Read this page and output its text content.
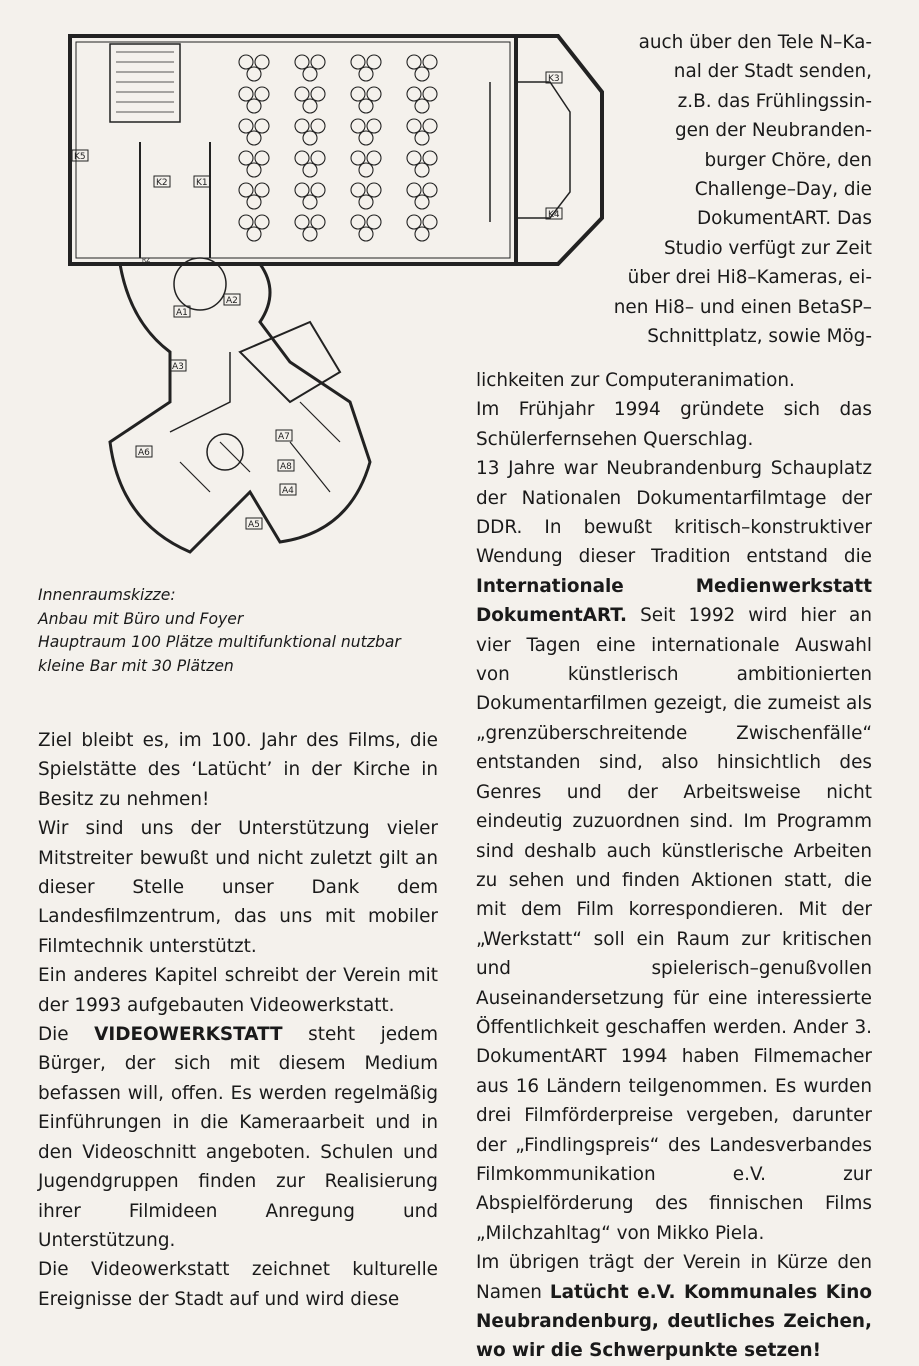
K3
K2	K1
K5
K4
A1
A2
A3
A4
A5
A6
A7
A8
RZ
auch über den Tele N–Ka-
nal der Stadt senden,
z.B. das Frühlingssin-
gen der Neubranden-
burger Chöre, den
Challenge–Day, die
DokumentART. Das
Studio verfügt zur Zeit
über drei Hi8–Kameras, ei-
nen Hi8– und einen BetaSP–
Schnittplatz, sowie Mög-
Innenraumskizze:
Anbau mit Büro und Foyer
Hauptraum 100 Plätze multifunktional nutzbar
kleine Bar mit 30 Plätzen

Ziel bleibt es, im 100. Jahr des Films, die Spielstätte des ‘Latücht’ in der Kirche in Besitz zu nehmen!

Wir sind uns der Unterstützung vieler Mitstreiter bewußt und nicht zuletzt gilt an dieser Stelle unser Dank dem Landesfilmzentrum, das uns mit mobiler Filmtechnik unterstützt.

Ein anderes Kapitel schreibt der Verein mit der 1993 aufgebauten Videowerkstatt.

Die VIDEOWERKSTATT steht jedem Bürger, der sich mit diesem Medium befassen will, offen. Es werden regelmäßig Einführungen in die Kameraarbeit und in den Videoschnitt angeboten. Schulen und Jugendgruppen finden zur Realisierung ihrer Filmideen Anregung und Unterstützung.

Die Videowerkstatt zeichnet kulturelle Ereignisse der Stadt auf und wird diese

lichkeiten zur Computeranimation.

Im Frühjahr 1994 gründete sich das Schülerfernsehen Querschlag.

13 Jahre war Neubrandenburg Schauplatz der Nationalen Dokumentarfilmtage der DDR. In bewußt kritisch–konstruktiver Wendung dieser Tradition entstand die Internationale Medienwerkstatt DokumentART. Seit 1992 wird hier an vier Tagen eine internationale Auswahl von künstlerisch ambitionierten Dokumentarfilmen gezeigt, die zumeist als „grenzüberschreitende Zwischenfälle“ entstanden sind, also hinsichtlich des Genres und der Arbeitsweise nicht eindeutig zuzuordnen sind. Im Programm sind deshalb auch künstlerische Arbeiten zu sehen und finden Aktionen statt, die mit dem Film korrespondieren. Mit der „Werkstatt“ soll ein Raum zur kritischen und spielerisch–genußvollen Auseinandersetzung für eine interessierte Öffentlichkeit geschaffen werden. Ander 3. DokumentART 1994 haben Filmemacher aus 16 Ländern teilgenommen. Es wurden drei Filmförderpreise vergeben, darunter der „Findlingspreis“ des Landesverbandes Filmkommunikation e.V. zur Abspielförderung des finnischen Films „Milchzahltag“ von Mikko Piela.

Im übrigen trägt der Verein in Kürze den Namen Latücht e.V. Kommunales Kino Neubrandenburg, deutliches Zeichen, wo wir die Schwerpunkte setzen!
